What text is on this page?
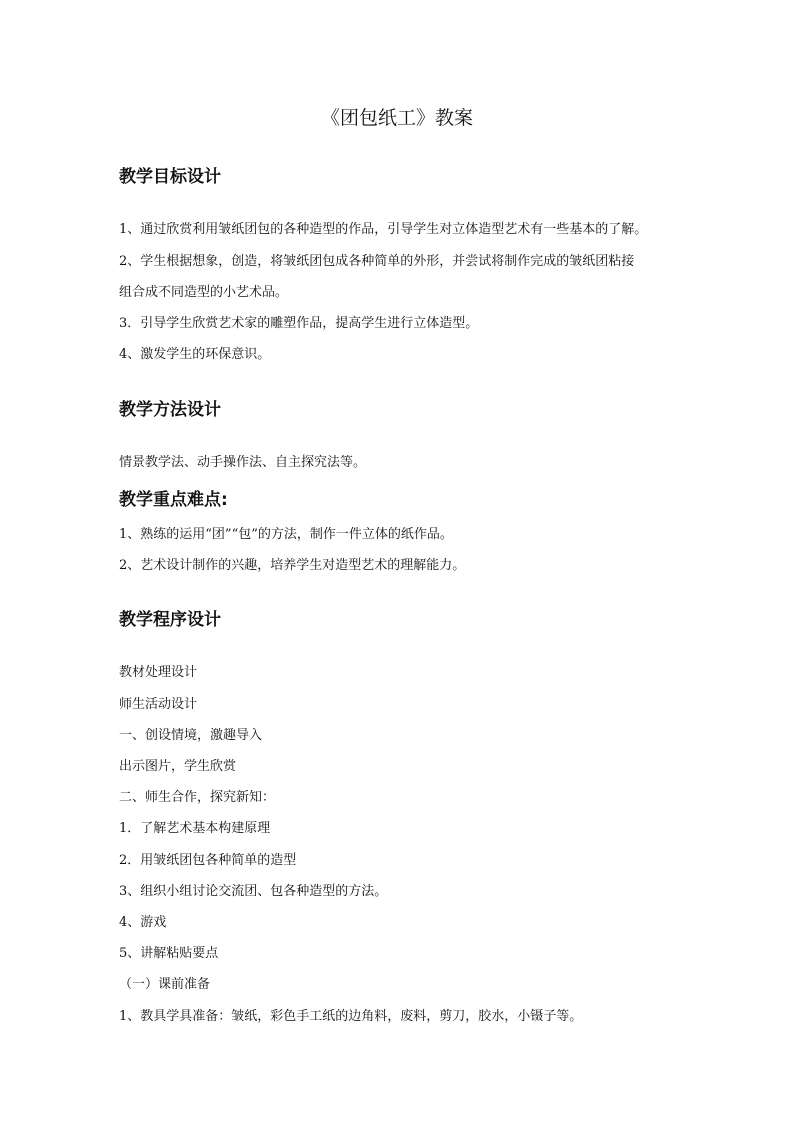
《团包纸工》教案
教学目标设计
1、通过欣赏利用皱纸团包的各种造型的作品，引导学生对立体造型艺术有一些基本的了解。
2、学生根据想象，创造，将皱纸团包成各种简单的外形，并尝试将制作完成的皱纸团粘接
组合成不同造型的小艺术品。
3．引导学生欣赏艺术家的雕塑作品，提高学生进行立体造型。
4、激发学生的环保意识。
教学方法设计
情景教学法、动手操作法、自主探究法等。
教学重点难点:
1、熟练的运用“团”“包”的方法，制作一件立体的纸作品。
2、艺术设计制作的兴趣，培养学生对造型艺术的理解能力。
教学程序设计
教材处理设计
师生活动设计
一、创设情境，激趣导入
出示图片，学生欣赏
二、师生合作，探究新知：
1．了解艺术基本构建原理
2．用皱纸团包各种简单的造型
3、组织小组讨论交流团、包各种造型的方法。
4、游戏
5、讲解粘贴要点
（一）课前准备
1、教具学具准备：皱纸，彩色手工纸的边角料，废料，剪刀，胶水，小镊子等。
